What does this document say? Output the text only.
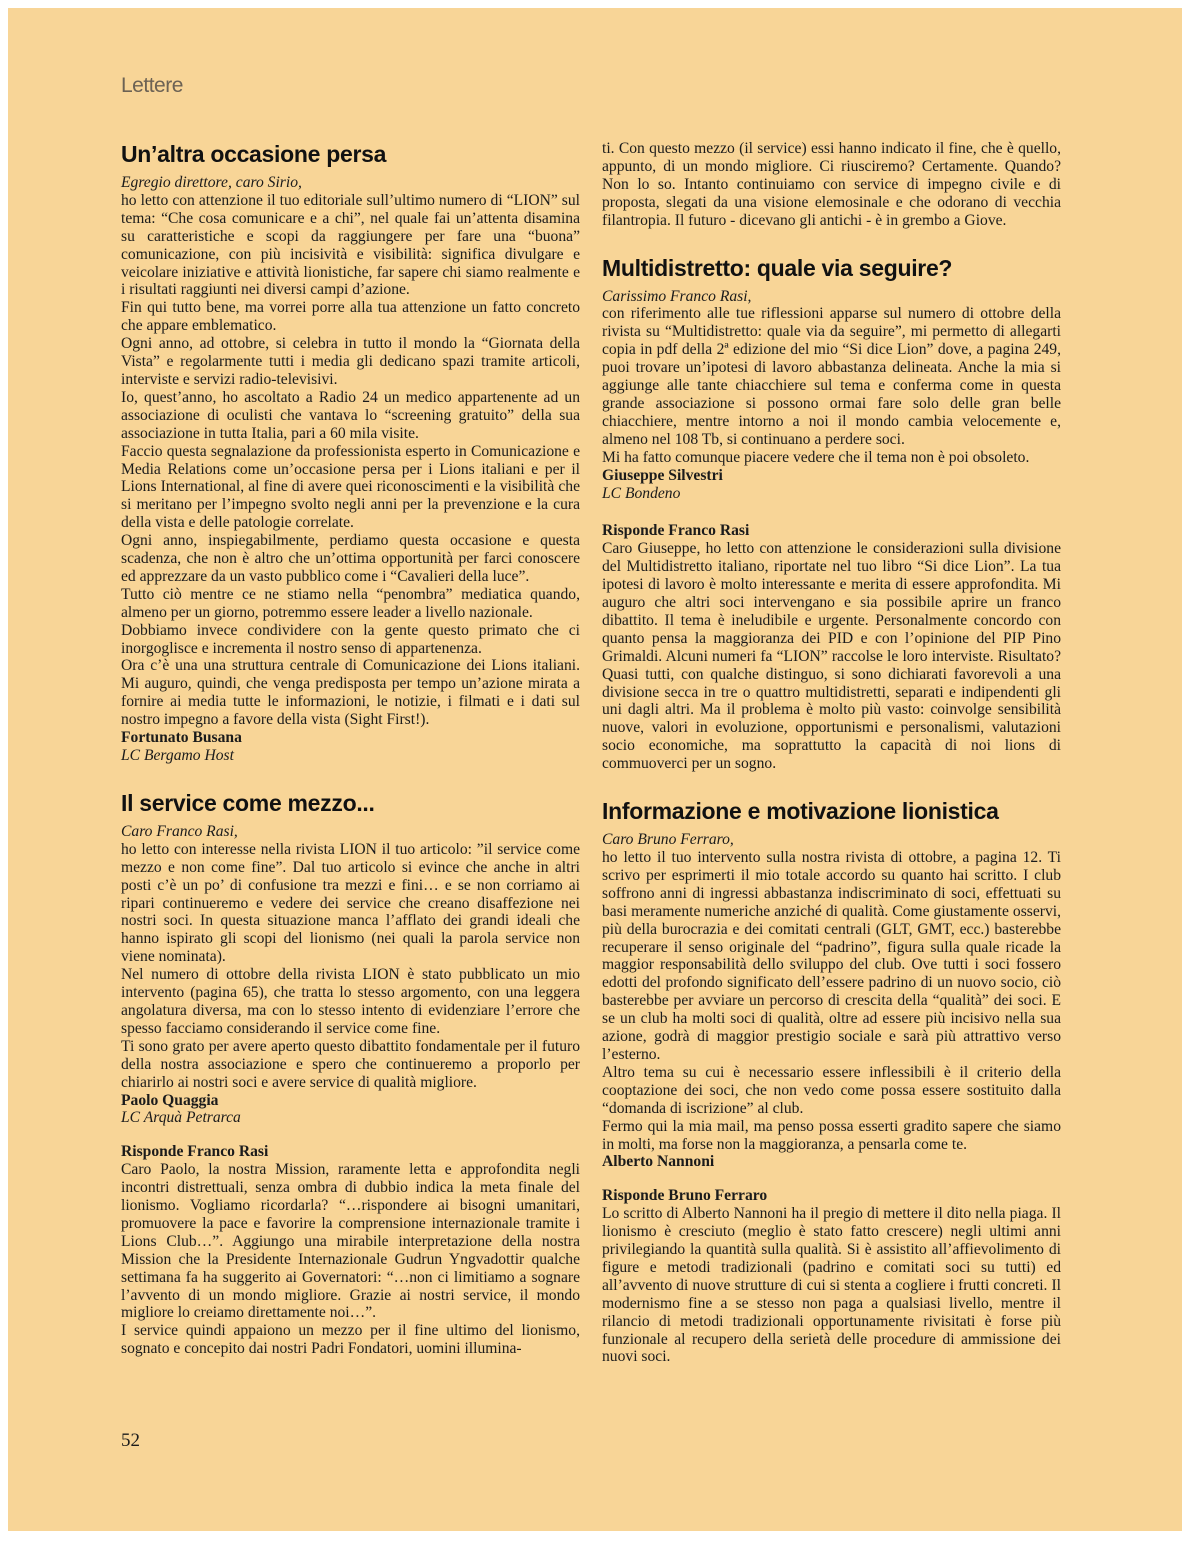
Lettere
Un’altra occasione persa

Egregio direttore, caro Sirio,

ho letto con attenzione il tuo editoriale sull’ultimo numero di “LION” sul tema: “Che cosa comunicare e a chi”, nel quale fai un’attenta disamina su caratteristiche e scopi da raggiungere per fare una “buona” comunicazione, con più incisività e visibilità: significa divulgare e veicolare iniziative e attività lionistiche, far sapere chi siamo realmente e i risultati raggiunti nei diversi campi d’azione.

Fin qui tutto bene, ma vorrei porre alla tua attenzione un fatto concreto che appare emblematico.

Ogni anno, ad ottobre, si celebra in tutto il mondo la “Giornata della Vista” e regolarmente tutti i media gli dedicano spazi tramite articoli, interviste e servizi radio-televisivi.

Io, quest’anno, ho ascoltato a Radio 24 un medico appartenente ad un associazione di oculisti che vantava lo “screening gratuito” della sua associazione in tutta Italia, pari a 60 mila visite.

Faccio questa segnalazione da professionista esperto in Comunicazione e Media Relations come un’occasione persa per i Lions italiani e per il Lions International, al fine di avere quei riconoscimenti e la visibilità che si meritano per l’impegno svolto negli anni per la prevenzione e la cura della vista e delle patologie correlate.

Ogni anno, inspiegabilmente, perdiamo questa occasione e questa scadenza, che non è altro che un’ottima opportunità per farci conoscere ed apprezzare da un vasto pubblico come i “Cavalieri della luce”.

Tutto ciò mentre ce ne stiamo nella “penombra” mediatica quando, almeno per un giorno, potremmo essere leader a livello nazionale.

Dobbiamo invece condividere con la gente questo primato che ci inorgoglisce e incrementa il nostro senso di appartenenza.

Ora c’è una una struttura centrale di Comunicazione dei Lions italiani. Mi auguro, quindi, che venga predisposta per tempo un’azione mirata a fornire ai media tutte le informazioni, le notizie, i filmati e i dati sul nostro impegno a favore della vista (Sight First!).

Fortunato Busana

LC Bergamo Host

Il service come mezzo...

Caro Franco Rasi,

ho letto con interesse nella rivista LION il tuo articolo: ”il service come mezzo e non come fine”. Dal tuo articolo si evince che anche in altri posti c’è un po’ di confusione tra mezzi e fini… e se non corriamo ai ripari continueremo e vedere dei service che creano disaffezione nei nostri soci. In questa situazione manca l’afflato dei grandi ideali che hanno ispirato gli scopi del lionismo (nei quali la parola service non viene nominata).

Nel numero di ottobre della rivista LION è stato pubblicato un mio intervento (pagina 65), che tratta lo stesso argomento, con una leggera angolatura diversa, ma con lo stesso intento di evidenziare l’errore che spesso facciamo considerando il service come fine.

Ti sono grato per avere aperto questo dibattito fondamentale per il futuro della nostra associazione e spero che continueremo a proporlo per chiarirlo ai nostri soci e avere service di qualità migliore.

Paolo Quaggia

LC Arquà Petrarca

Risponde Franco Rasi

Caro Paolo, la nostra Mission, raramente letta e approfondita negli incontri distrettuali, senza ombra di dubbio indica la meta finale del lionismo. Vogliamo ricordarla? “…rispondere ai bisogni umanitari, promuovere la pace e favorire la comprensione internazionale tramite i Lions Club…”. Aggiungo una mirabile interpretazione della nostra Mission che la Presidente Internazionale Gudrun Yngvadottir qualche settimana fa ha suggerito ai Governatori: “…non ci limitiamo a sognare l’avvento di un mondo migliore. Grazie ai nostri service, il mondo migliore lo creiamo direttamente noi…”.

I service quindi appaiono un mezzo per il fine ultimo del lionismo, sognato e concepito dai nostri Padri Fondatori, uomini illumina-

ti. Con questo mezzo (il service) essi hanno indicato il fine, che è quello, appunto, di un mondo migliore. Ci riusciremo? Certamente. Quando? Non lo so. Intanto continuiamo con service di impegno civile e di proposta, slegati da una visione elemosinale e che odorano di vecchia filantropia. Il futuro - dicevano gli antichi - è in grembo a Giove.

Multidistretto: quale via seguire?

Carissimo Franco Rasi,

con riferimento alle tue riflessioni apparse sul numero di ottobre della rivista su “Multidistretto: quale via da seguire”, mi permetto di allegarti copia in pdf della 2ª edizione del mio “Si dice Lion” dove, a pagina 249, puoi trovare un’ipotesi di lavoro abbastanza delineata. Anche la mia si aggiunge alle tante chiacchiere sul tema e conferma come in questa grande associazione si possono ormai fare solo delle gran belle chiacchiere, mentre intorno a noi il mondo cambia velocemente e, almeno nel 108 Tb, si continuano a perdere soci.

Mi ha fatto comunque piacere vedere che il tema non è poi obsoleto.

Giuseppe Silvestri

LC Bondeno

Risponde Franco Rasi

Caro Giuseppe, ho letto con attenzione le considerazioni sulla divisione del Multidistretto italiano, riportate nel tuo libro “Si dice Lion”. La tua ipotesi di lavoro è molto interessante e merita di essere approfondita. Mi auguro che altri soci intervengano e sia possibile aprire un franco dibattito. Il tema è ineludibile e urgente. Personalmente concordo con quanto pensa la maggioranza dei PID e con l’opinione del PIP Pino Grimaldi. Alcuni numeri fa “LION” raccolse le loro interviste. Risultato? Quasi tutti, con qualche distinguo, si sono dichiarati favorevoli a una divisione secca in tre o quattro multidistretti, separati e indipendenti gli uni dagli altri. Ma il problema è molto più vasto: coinvolge sensibilità nuove, valori in evoluzione, opportunismi e personalismi, valutazioni socio economiche, ma soprattutto la capacità di noi lions di commuoverci per un sogno.

Informazione e motivazione lionistica

Caro Bruno Ferraro,

ho letto il tuo intervento sulla nostra rivista di ottobre, a pagina 12. Ti scrivo per esprimerti il mio totale accordo su quanto hai scritto. I club soffrono anni di ingressi abbastanza indiscriminato di soci, effettuati su basi meramente numeriche anziché di qualità. Come giustamente osservi, più della burocrazia e dei comitati centrali (GLT, GMT, ecc.) basterebbe recuperare il senso originale del “padrino”, figura sulla quale ricade la maggior responsabilità dello sviluppo del club. Ove tutti i soci fossero edotti del profondo significato dell’essere padrino di un nuovo socio, ciò basterebbe per avviare un percorso di crescita della “qualità” dei soci. E se un club ha molti soci di qualità, oltre ad essere più incisivo nella sua azione, godrà di maggior prestigio sociale e sarà più attrattivo verso l’esterno.

Altro tema su cui è necessario essere inflessibili è il criterio della cooptazione dei soci, che non vedo come possa essere sostituito dalla “domanda di iscrizione” al club.

Fermo qui la mia mail, ma penso possa esserti gradito sapere che siamo in molti, ma forse non la maggioranza, a pensarla come te.

Alberto Nannoni

Risponde Bruno Ferraro

Lo scritto di Alberto Nannoni ha il pregio di mettere il dito nella piaga. Il lionismo è cresciuto (meglio è stato fatto crescere) negli ultimi anni privilegiando la quantità sulla qualità. Si è assistito all’affievolimento di figure e metodi tradizionali (padrino e comitati soci su tutti) ed all’avvento di nuove strutture di cui si stenta a cogliere i frutti concreti. Il modernismo fine a se stesso non paga a qualsiasi livello, mentre il rilancio di metodi tradizionali opportunamente rivisitati è forse più funzionale al recupero della serietà delle procedure di ammissione dei nuovi soci.

52
